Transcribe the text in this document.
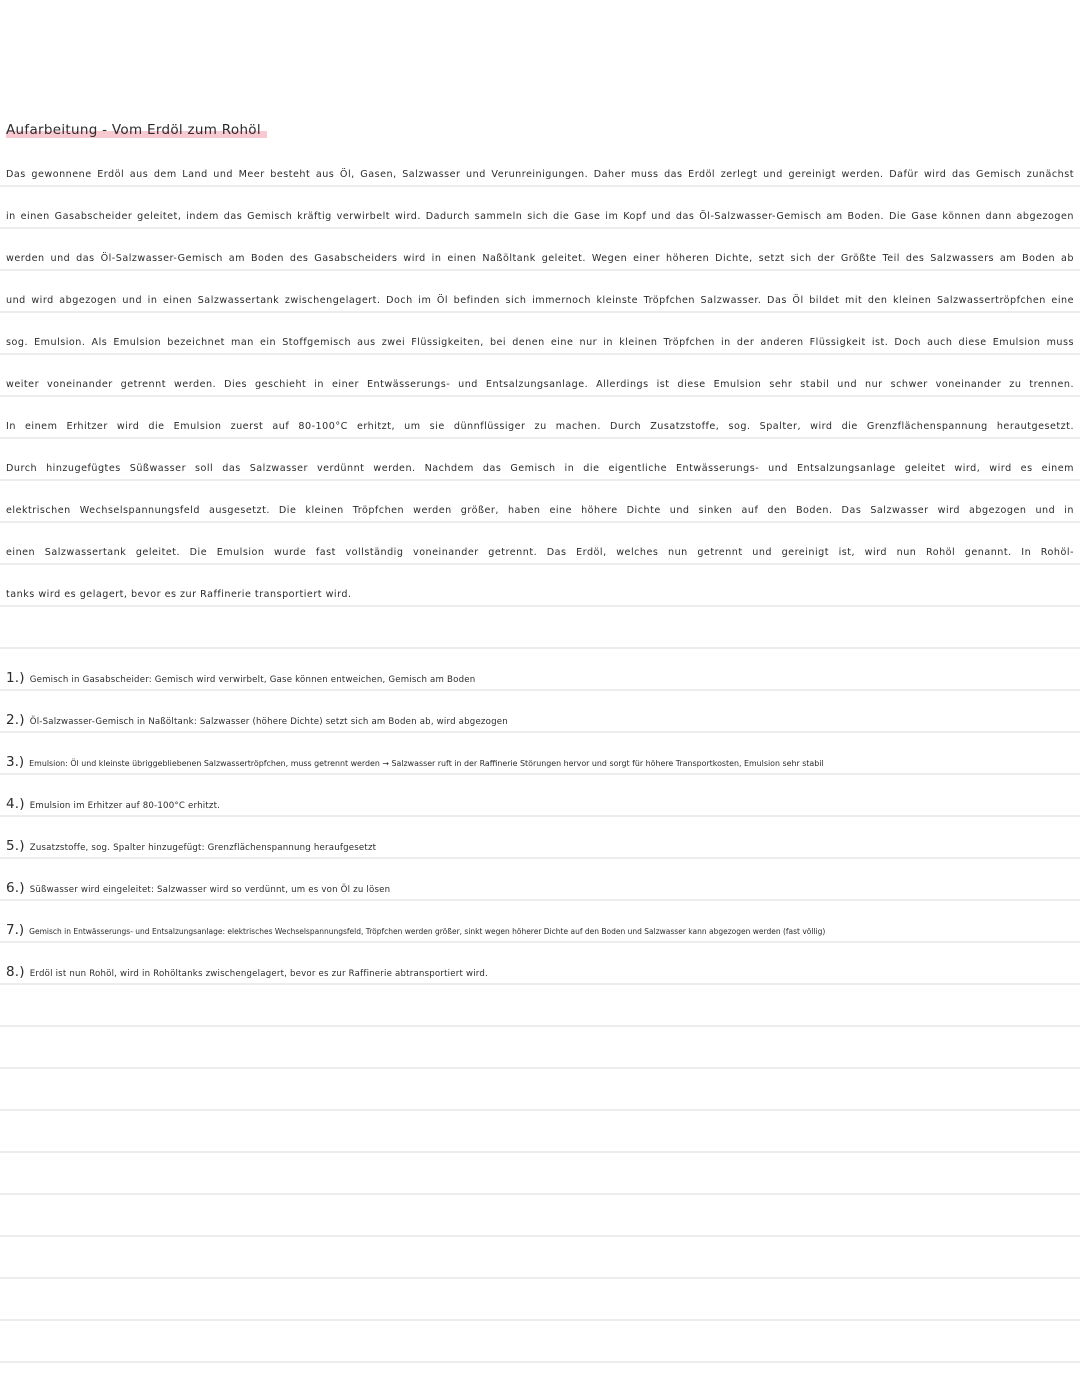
Aufarbeitung - Vom Erdöl zum Rohöl
Das gewonnene Erdöl aus dem Land und Meer besteht aus Öl, Gasen, Salzwasser und Verunreinigungen. Daher muss das Erdöl zerlegt und gereinigt werden. Dafür wird das Gemisch zunächst
in einen Gasabscheider geleitet, indem das Gemisch kräftig verwirbelt wird. Dadurch sammeln sich die Gase im Kopf und das Öl-Salzwasser-Gemisch am Boden. Die Gase können dann abgezogen
werden und das Öl-Salzwasser-Gemisch am Boden des Gasabscheiders wird in einen Naßöltank geleitet. Wegen einer höheren Dichte, setzt sich der Größte Teil des Salzwassers am Boden ab
und wird abgezogen und in einen Salzwassertank zwischengelagert. Doch im Öl befinden sich immernoch kleinste Tröpfchen Salzwasser. Das Öl bildet mit den kleinen Salzwassertröpfchen eine
sog. Emulsion. Als Emulsion bezeichnet man ein Stoffgemisch aus zwei Flüssigkeiten, bei denen eine nur in kleinen Tröpfchen in der anderen Flüssigkeit ist. Doch auch diese Emulsion muss
weiter voneinander getrennt werden. Dies geschieht in einer Entwässerungs- und Entsalzungsanlage. Allerdings ist diese Emulsion sehr stabil und nur schwer voneinander zu trennen.
In einem Erhitzer wird die Emulsion zuerst auf 80-100°C erhitzt, um sie dünnflüssiger zu machen. Durch Zusatzstoffe, sog. Spalter, wird die Grenzflächenspannung herautgesetzt.
Durch hinzugefügtes Süßwasser soll das Salzwasser verdünnt werden. Nachdem das Gemisch in die eigentliche Entwässerungs- und Entsalzungsanlage geleitet wird, wird es einem
elektrischen Wechselspannungsfeld ausgesetzt. Die kleinen Tröpfchen werden größer, haben eine höhere Dichte und sinken auf den Boden. Das Salzwasser wird abgezogen und in
einen Salzwassertank geleitet. Die Emulsion wurde fast vollständig voneinander getrennt. Das Erdöl, welches nun getrennt und gereinigt ist, wird nun Rohöl genannt. In Rohöl-
tanks wird es gelagert, bevor es zur Raffinerie transportiert wird.
1.) Gemisch in Gasabscheider: Gemisch wird verwirbelt, Gase können entweichen, Gemisch am Boden
2.) Öl-Salzwasser-Gemisch in Naßöltank: Salzwasser (höhere Dichte) setzt sich am Boden ab, wird abgezogen
3.) Emulsion: Öl und kleinste übriggebliebenen Salzwassertröpfchen, muss getrennt werden → Salzwasser ruft in der Raffinerie Störungen hervor und sorgt für höhere Transportkosten, Emulsion sehr stabil
4.) Emulsion im Erhitzer auf 80-100°C erhitzt.
5.) Zusatzstoffe, sog. Spalter hinzugefügt: Grenzflächenspannung heraufgesetzt
6.) Süßwasser wird eingeleitet: Salzwasser wird so verdünnt, um es von Öl zu lösen
7.) Gemisch in Entwässerungs- und Entsalzungsanlage: elektrisches Wechselspannungsfeld, Tröpfchen werden größer, sinkt wegen höherer Dichte auf den Boden und Salzwasser kann abgezogen werden (fast völlig)
8.) Erdöl ist nun Rohöl, wird in Rohöltanks zwischengelagert, bevor es zur Raffinerie abtransportiert wird.
